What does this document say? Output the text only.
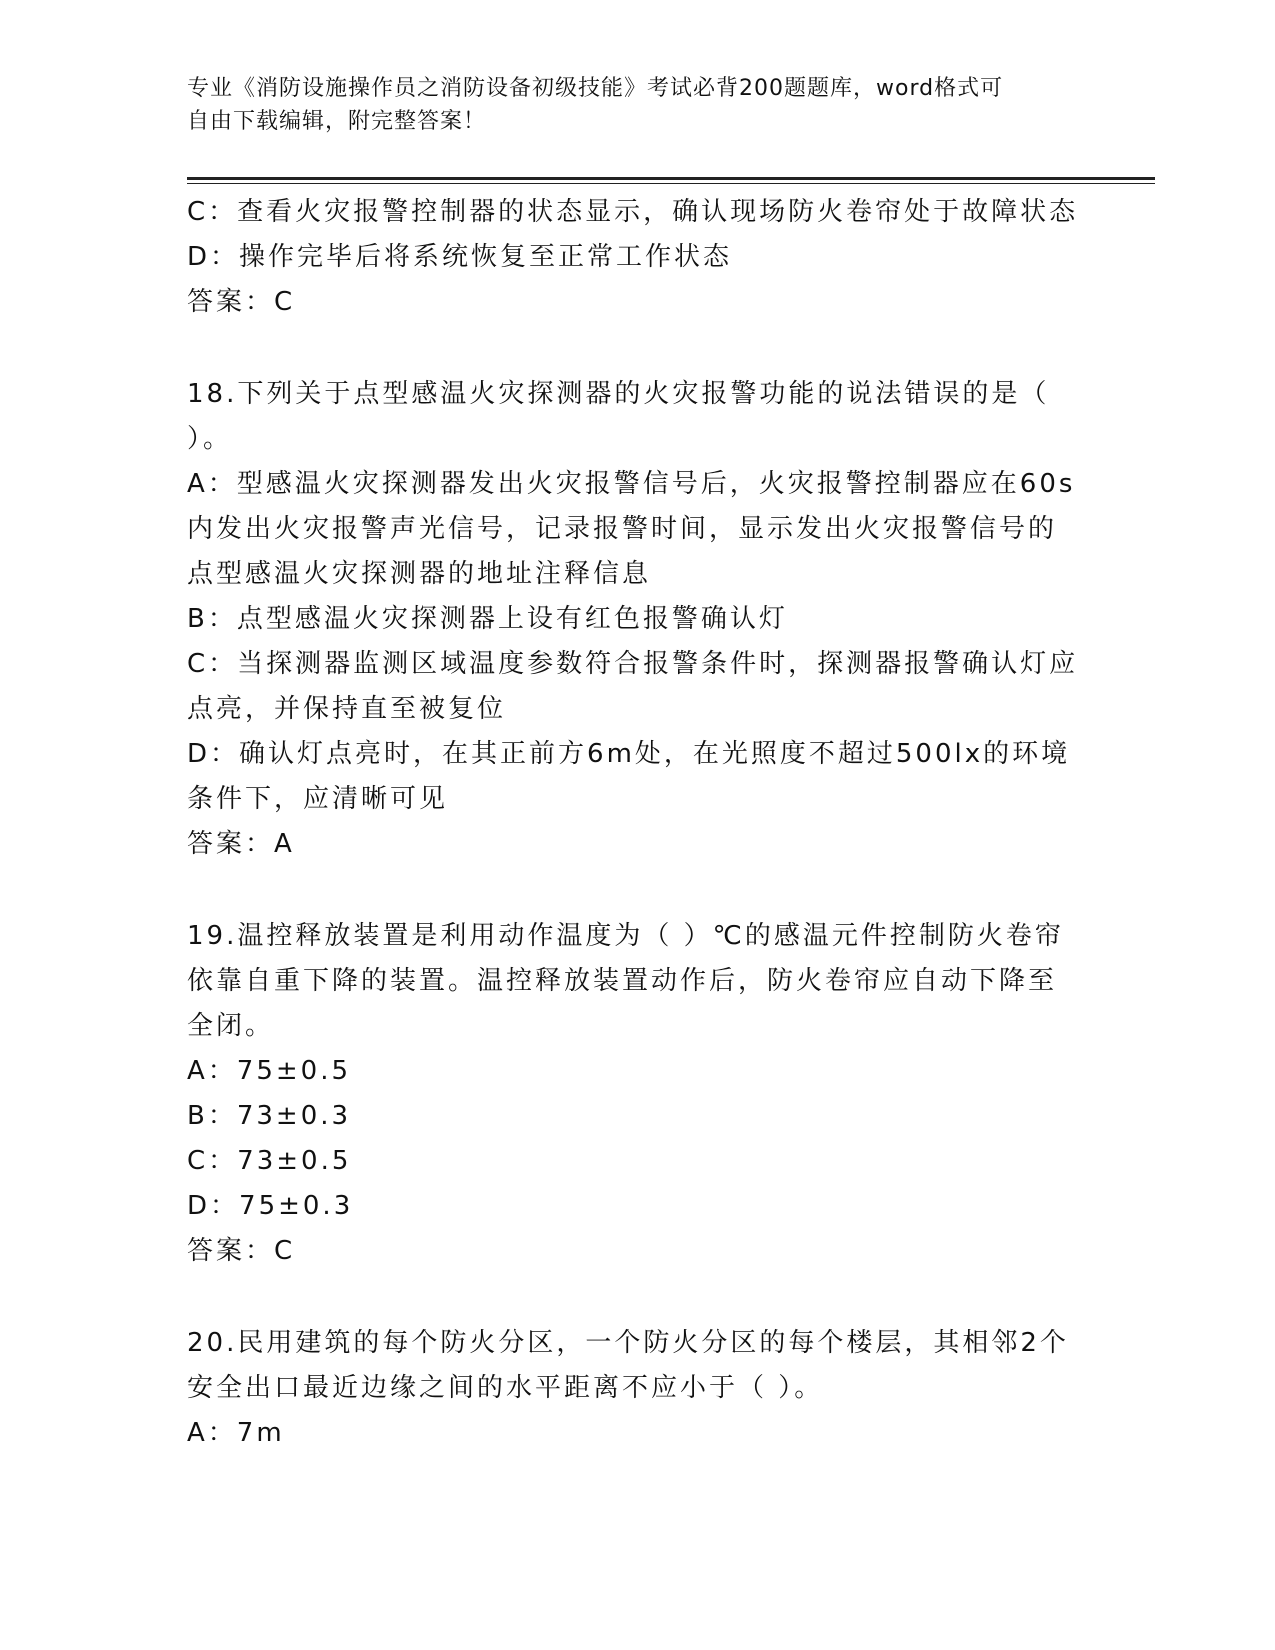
专业《消防设施操作员之消防设备初级技能》考试必背200题题库，word格式可
自由下载编辑，附完整答案！

C：查看火灾报警控制器的状态显示，确认现场防火卷帘处于故障状态

D：操作完毕后将系统恢复至正常工作状态

答案：C

18.下列关于点型感温火灾探测器的火灾报警功能的说法错误的是（

）。

A：型感温火灾探测器发出火灾报警信号后，火灾报警控制器应在60s

内发出火灾报警声光信号，记录报警时间，显示发出火灾报警信号的

点型感温火灾探测器的地址注释信息

B：点型感温火灾探测器上设有红色报警确认灯

C：当探测器监测区域温度参数符合报警条件时，探测器报警确认灯应

点亮，并保持直至被复位

D：确认灯点亮时，在其正前方6m处，在光照度不超过500lx的环境

条件下，应清晰可见

答案：A

19.温控释放装置是利用动作温度为（ ）℃的感温元件控制防火卷帘

依靠自重下降的装置。温控释放装置动作后，防火卷帘应自动下降至

全闭。

A：75±0.5

B：73±0.3

C：73±0.5

D：75±0.3

答案：C

20.民用建筑的每个防火分区，一个防火分区的每个楼层，其相邻2个

安全出口最近边缘之间的水平距离不应小于（ ）。

A：7m
